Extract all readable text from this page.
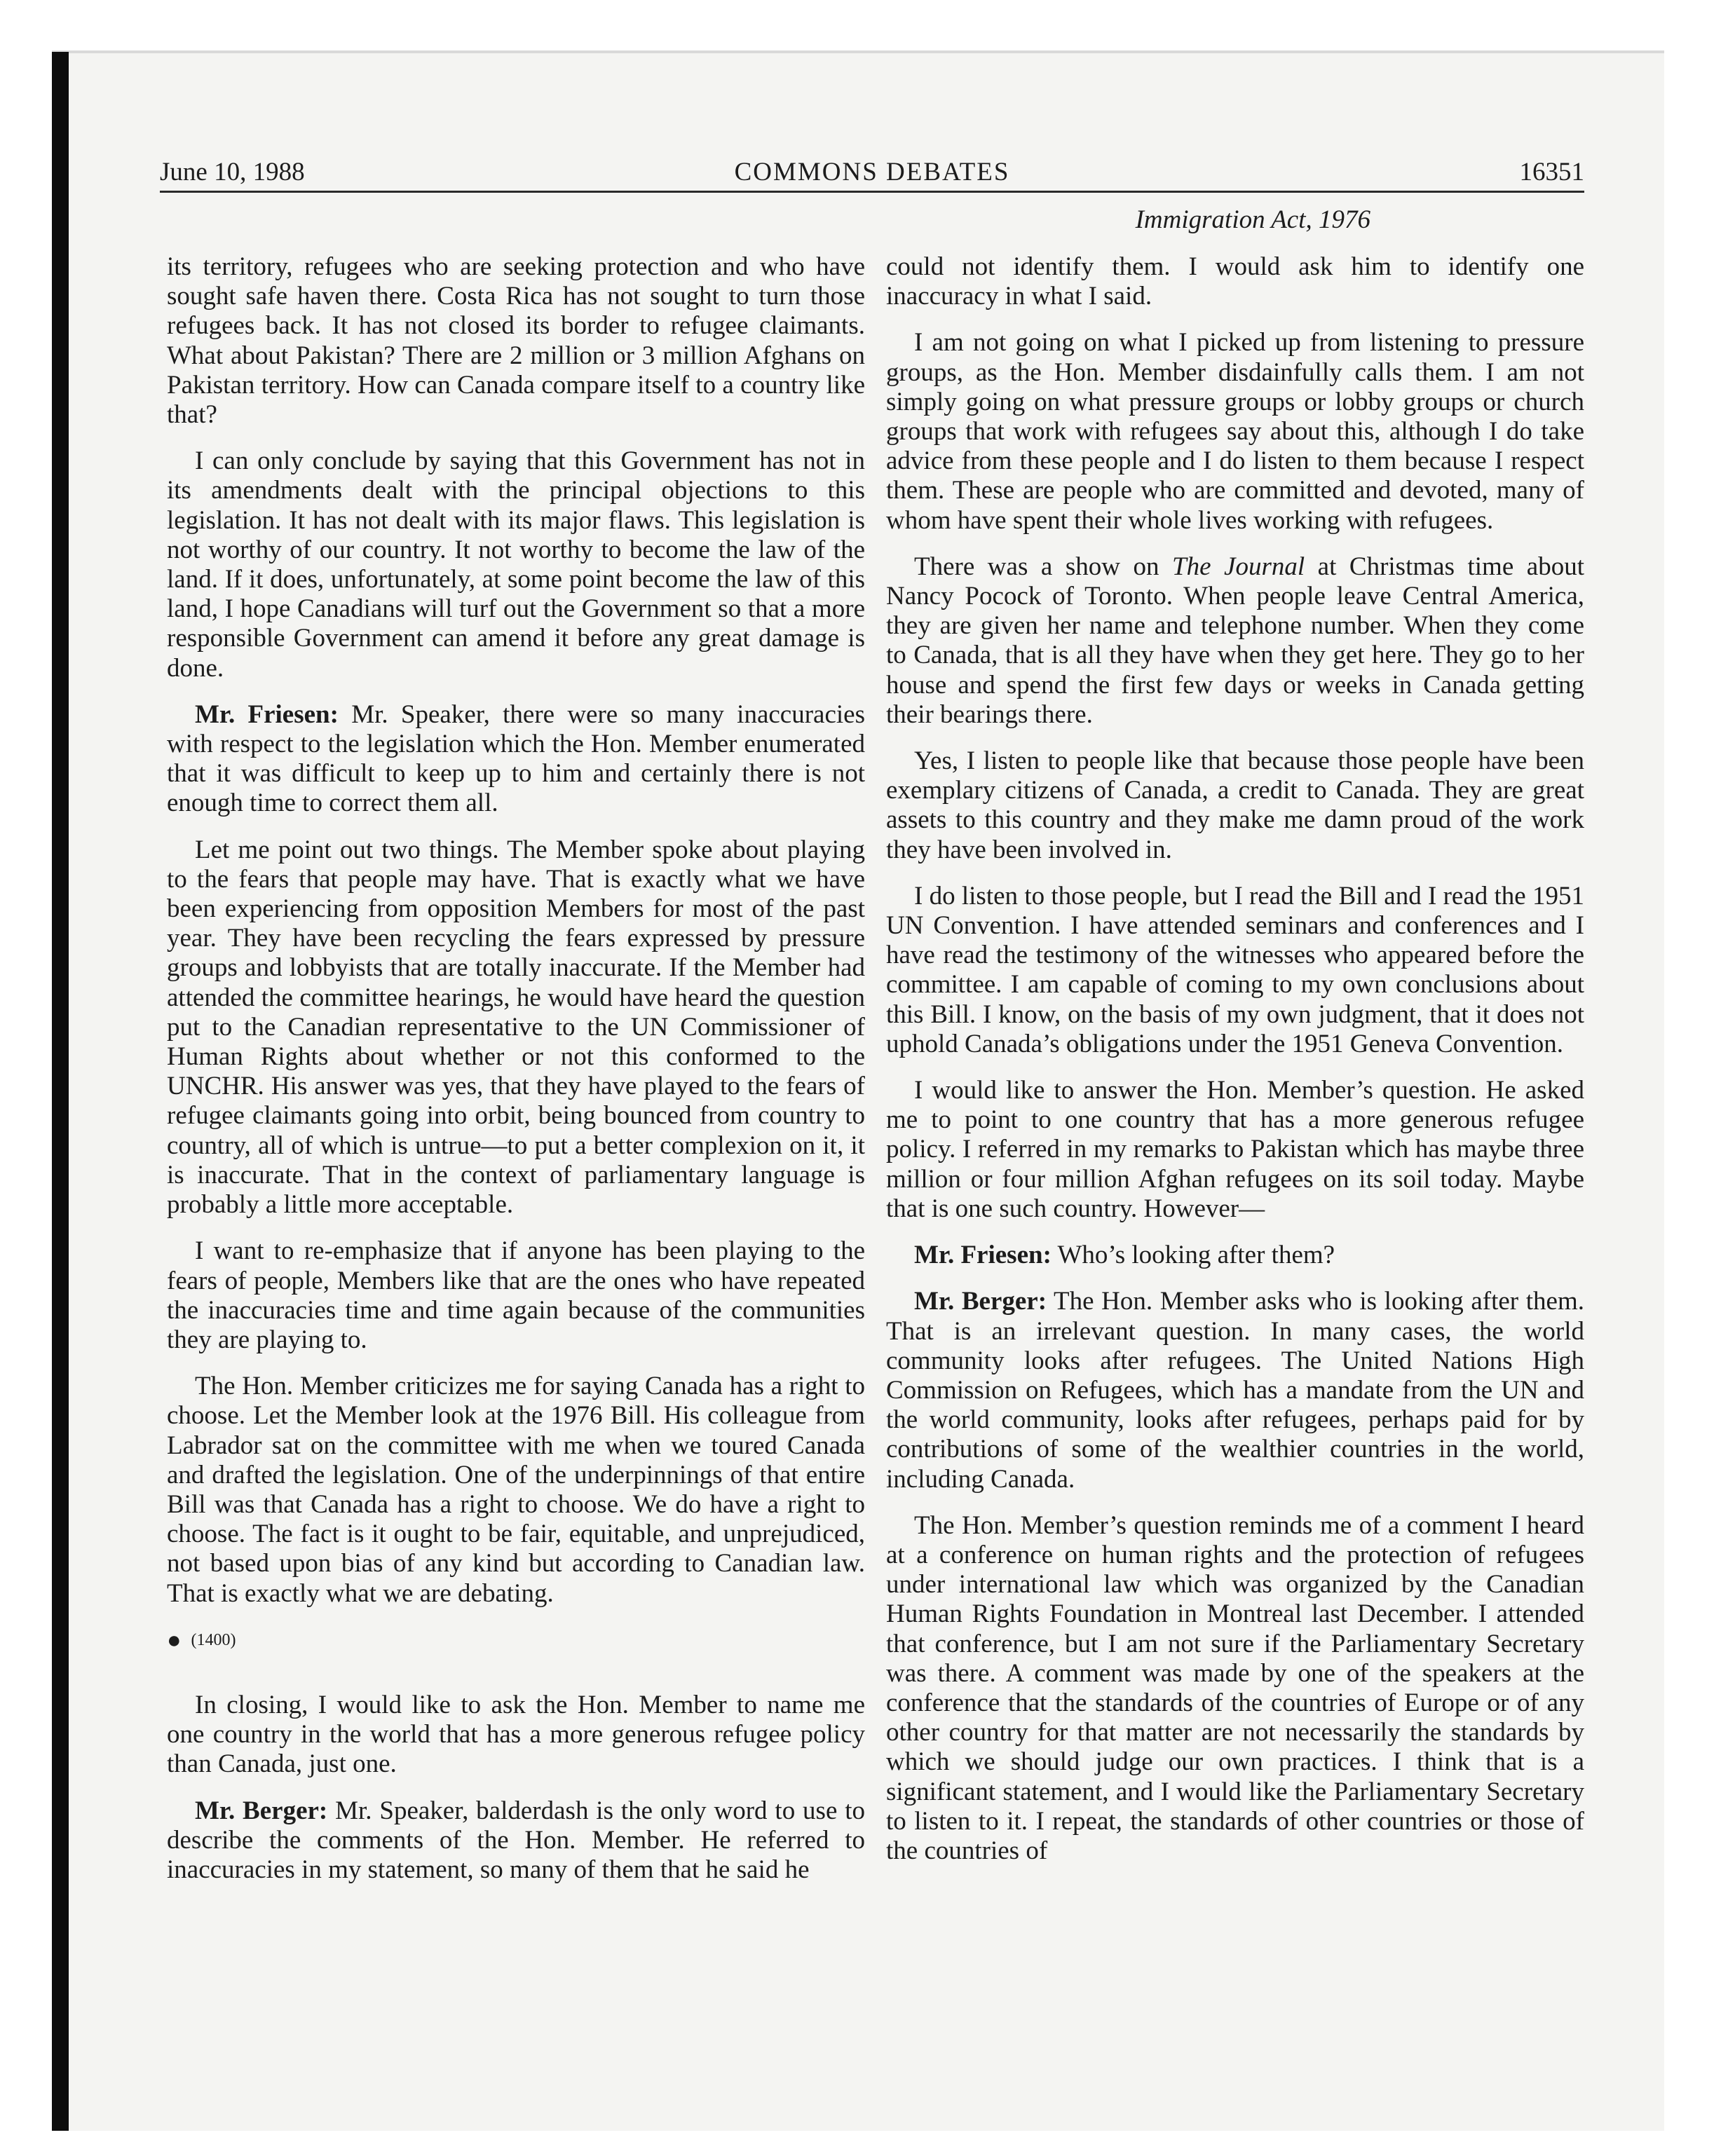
June 10, 1988	COMMONS DEBATES	16351
Immigration Act, 1976

its territory, refugees who are seeking protection and who have sought safe haven there. Costa Rica has not sought to turn those refugees back. It has not closed its border to refugee claimants. What about Pakistan? There are 2 million or 3 million Afghans on Pakistan territory. How can Canada compare itself to a country like that?

I can only conclude by saying that this Government has not in its amendments dealt with the principal objections to this legislation. It has not dealt with its major flaws. This legislation is not worthy of our country. It not worthy to become the law of the land. If it does, unfortunately, at some point become the law of this land, I hope Canadians will turf out the Government so that a more responsible Government can amend it before any great damage is done.

Mr. Friesen: Mr. Speaker, there were so many inaccuracies with respect to the legislation which the Hon. Member enumerated that it was difficult to keep up to him and certainly there is not enough time to correct them all.

Let me point out two things. The Member spoke about playing to the fears that people may have. That is exactly what we have been experiencing from opposition Members for most of the past year. They have been recycling the fears expressed by pressure groups and lobbyists that are totally inaccurate. If the Member had attended the committee hearings, he would have heard the question put to the Canadian representative to the UN Commissioner of Human Rights about whether or not this conformed to the UNCHR. His answer was yes, that they have played to the fears of refugee claimants going into orbit, being bounced from country to country, all of which is untrue—to put a better complexion on it, it is inaccurate. That in the context of parliamentary language is probably a little more acceptable.

I want to re-emphasize that if anyone has been playing to the fears of people, Members like that are the ones who have repeated the inaccuracies time and time again because of the communities they are playing to.

The Hon. Member criticizes me for saying Canada has a right to choose. Let the Member look at the 1976 Bill. His colleague from Labrador sat on the committee with me when we toured Canada and drafted the legislation. One of the underpinnings of that entire Bill was that Canada has a right to choose. We do have a right to choose. The fact is it ought to be fair, equitable, and unprejudiced, not based upon bias of any kind but according to Canadian law. That is exactly what we are debating.

● (1400)

In closing, I would like to ask the Hon. Member to name me one country in the world that has a more generous refugee policy than Canada, just one.

Mr. Berger: Mr. Speaker, balderdash is the only word to use to describe the comments of the Hon. Member. He referred to inaccuracies in my statement, so many of them that he said he

could not identify them. I would ask him to identify one inaccuracy in what I said.

I am not going on what I picked up from listening to pressure groups, as the Hon. Member disdainfully calls them. I am not simply going on what pressure groups or lobby groups or church groups that work with refugees say about this, although I do take advice from these people and I do listen to them because I respect them. These are people who are committed and devoted, many of whom have spent their whole lives working with refugees.

There was a show on The Journal at Christmas time about Nancy Pocock of Toronto. When people leave Central America, they are given her name and telephone number. When they come to Canada, that is all they have when they get here. They go to her house and spend the first few days or weeks in Canada getting their bearings there.

Yes, I listen to people like that because those people have been exemplary citizens of Canada, a credit to Canada. They are great assets to this country and they make me damn proud of the work they have been involved in.

I do listen to those people, but I read the Bill and I read the 1951 UN Convention. I have attended seminars and conferences and I have read the testimony of the witnesses who appeared before the committee. I am capable of coming to my own conclusions about this Bill. I know, on the basis of my own judgment, that it does not uphold Canada’s obligations under the 1951 Geneva Convention.

I would like to answer the Hon. Member’s question. He asked me to point to one country that has a more generous refugee policy. I referred in my remarks to Pakistan which has maybe three million or four million Afghan refugees on its soil today. Maybe that is one such country. However—

Mr. Friesen: Who’s looking after them?

Mr. Berger: The Hon. Member asks who is looking after them. That is an irrelevant question. In many cases, the world community looks after refugees. The United Nations High Commission on Refugees, which has a mandate from the UN and the world community, looks after refugees, perhaps paid for by contributions of some of the wealthier countries in the world, including Canada.

The Hon. Member’s question reminds me of a comment I heard at a conference on human rights and the protection of refugees under international law which was organized by the Canadian Human Rights Foundation in Montreal last December. I attended that conference, but I am not sure if the Parliamentary Secretary was there. A comment was made by one of the speakers at the conference that the standards of the countries of Europe or of any other country for that matter are not necessarily the standards by which we should judge our own practices. I think that is a significant statement, and I would like the Parliamentary Secretary to listen to it. I repeat, the standards of other countries or those of the countries of
